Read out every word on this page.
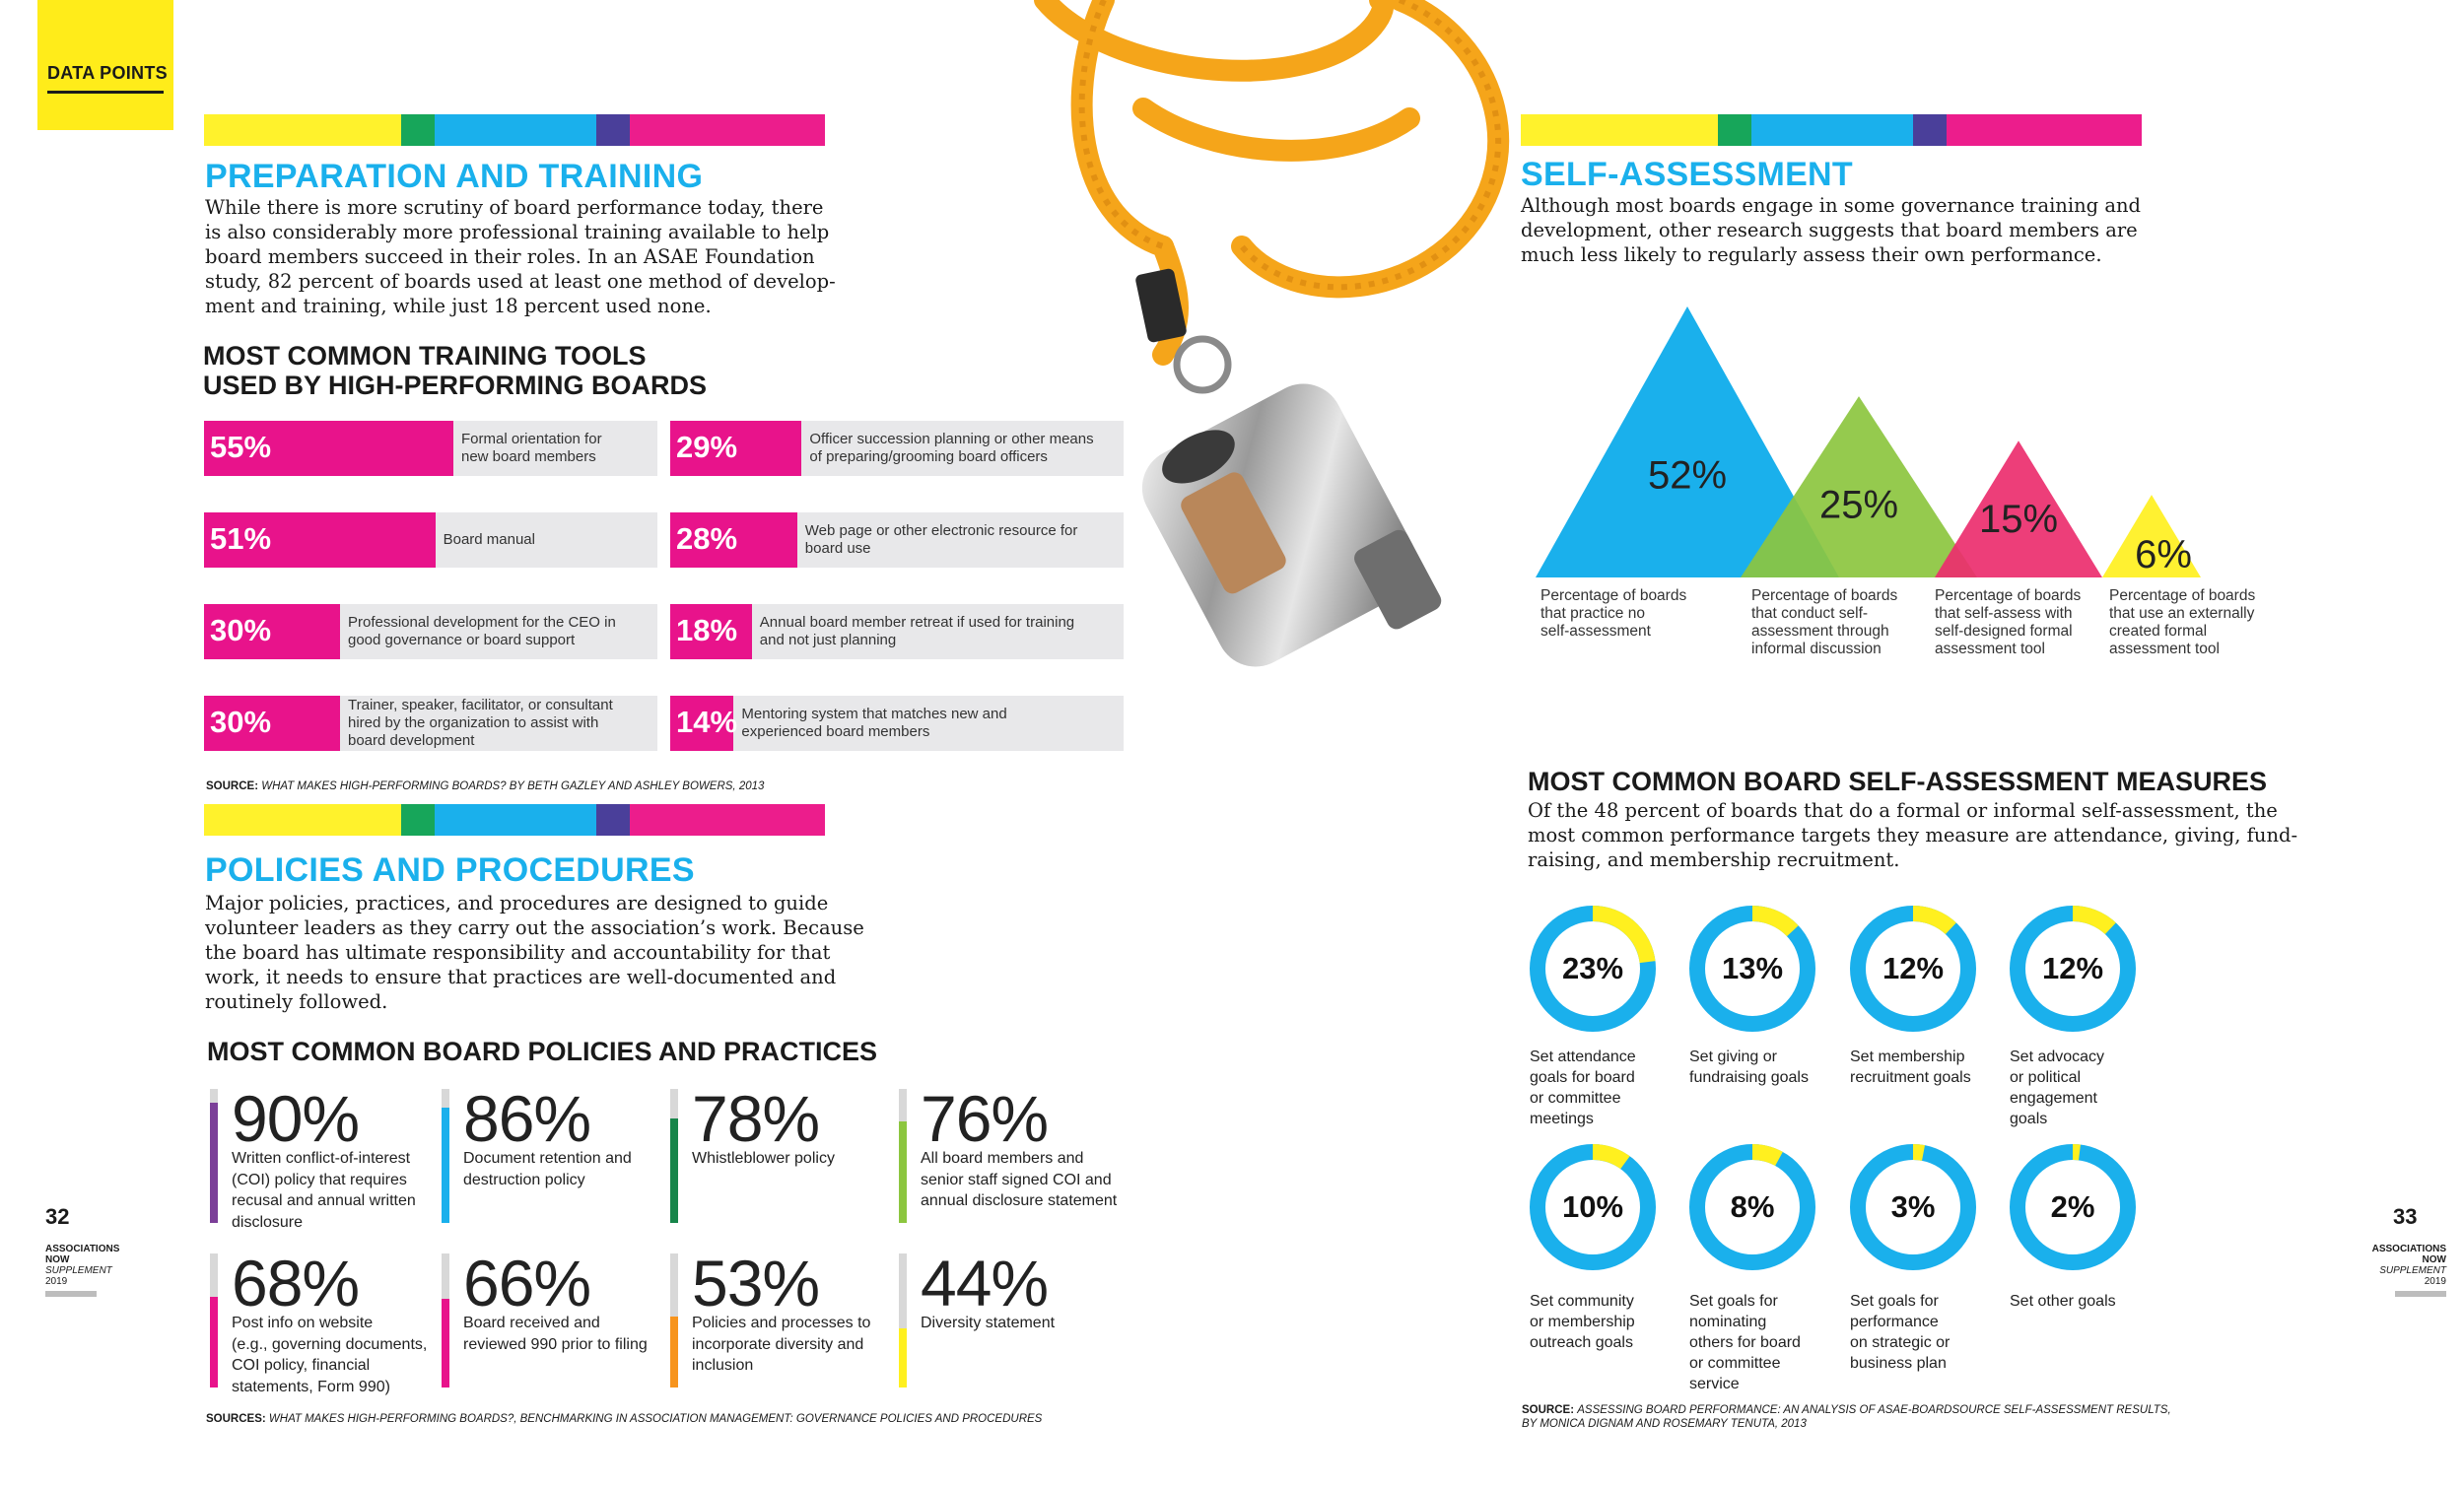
DATA POINTS
PREPARATION AND TRAINING
While there is more scrutiny of board performance today, there
is also considerably more professional training available to help
board members succeed in their roles. In an ASAE Foundation
study, 82 percent of boards used at least one method of develop-
ment and training, while just 18 percent used none.
MOST COMMON TRAINING TOOLS
USED BY HIGH-PERFORMING BOARDS
55%	Formal orientation for
new board members
51%	Board manual
30%	Professional development for the CEO in
good governance or board support
30%	Trainer, speaker, facilitator, or consultant
hired by the organization to assist with
board development
29%	Officer succession planning or other means
of preparing/grooming board officers
28%	Web page or other electronic resource for
board use
18% Annual board member retreat if used for training
and not just planning
14% Mentoring system that matches new and
experienced board members
SOURCE: WHAT MAKES HIGH-PERFORMING BOARDS? BY BETH GAZLEY AND ASHLEY BOWERS, 2013
POLICIES AND PROCEDURES
Major policies, practices, and procedures are designed to guide
volunteer leaders as they carry out the association’s work. Because
the board has ultimate responsibility and accountability for that
work, it needs to ensure that practices are well-documented and
routinely followed.
MOST COMMON BOARD POLICIES AND PRACTICES
90%
Written conflict-of-interest
(COI) policy that requires
recusal and annual written
disclosure
86%
Document retention and
destruction policy
78%
Whistleblower policy
76%
All board members and
senior staff signed COI and
annual disclosure statement
68%
Post info on website
(e.g., governing documents,
COI policy, financial
statements, Form 990)
66%
Board received and
reviewed 990 prior to filing
53%
Policies and processes to
incorporate diversity and
inclusion
44%
Diversity statement
SOURCES: WHAT MAKES HIGH-PERFORMING BOARDS?, BENCHMARKING IN ASSOCIATION MANAGEMENT: GOVERNANCE POLICIES AND PROCEDURES
SELF-ASSESSMENT
Although most boards engage in some governance training and
development, other research suggests that board members are
much less likely to regularly assess their own performance.
52%
25% 15%
6%
Percentage of boards
that practice no
self-assessment
Percentage of boards
that conduct self-
assessment through
informal discussion
Percentage of boards
that self-assess with
self-designed formal
assessment tool
Percentage of boards
that use an externally
created formal
assessment tool
MOST COMMON BOARD SELF-ASSESSMENT MEASURES
Of the 48 percent of boards that do a formal or informal self-assessment, the
most common performance targets they measure are attendance, giving, fund-
raising, and membership recruitment.
23%
Set attendance
goals for board
or committee
meetings
13%
Set giving or
fundraising goals
12%
Set membership
recruitment goals
12%
Set advocacy
or political
engagement
goals
10%
Set community
or membership
outreach goals
8%
Set goals for
nominating
others for board
or committee
service
3%
Set goals for
performance
on strategic or
business plan
2%
Set other goals
SOURCE: ASSESSING BOARD PERFORMANCE: AN ANALYSIS OF ASAE-BOARDSOURCE SELF-ASSESSMENT RESULTS,
BY MONICA DIGNAM AND ROSEMARY TENUTA, 2013
32
ASSOCIATIONS
NOW
SUPPLEMENT
2019
33
ASSOCIATIONS
NOW
SUPPLEMENT
2019
